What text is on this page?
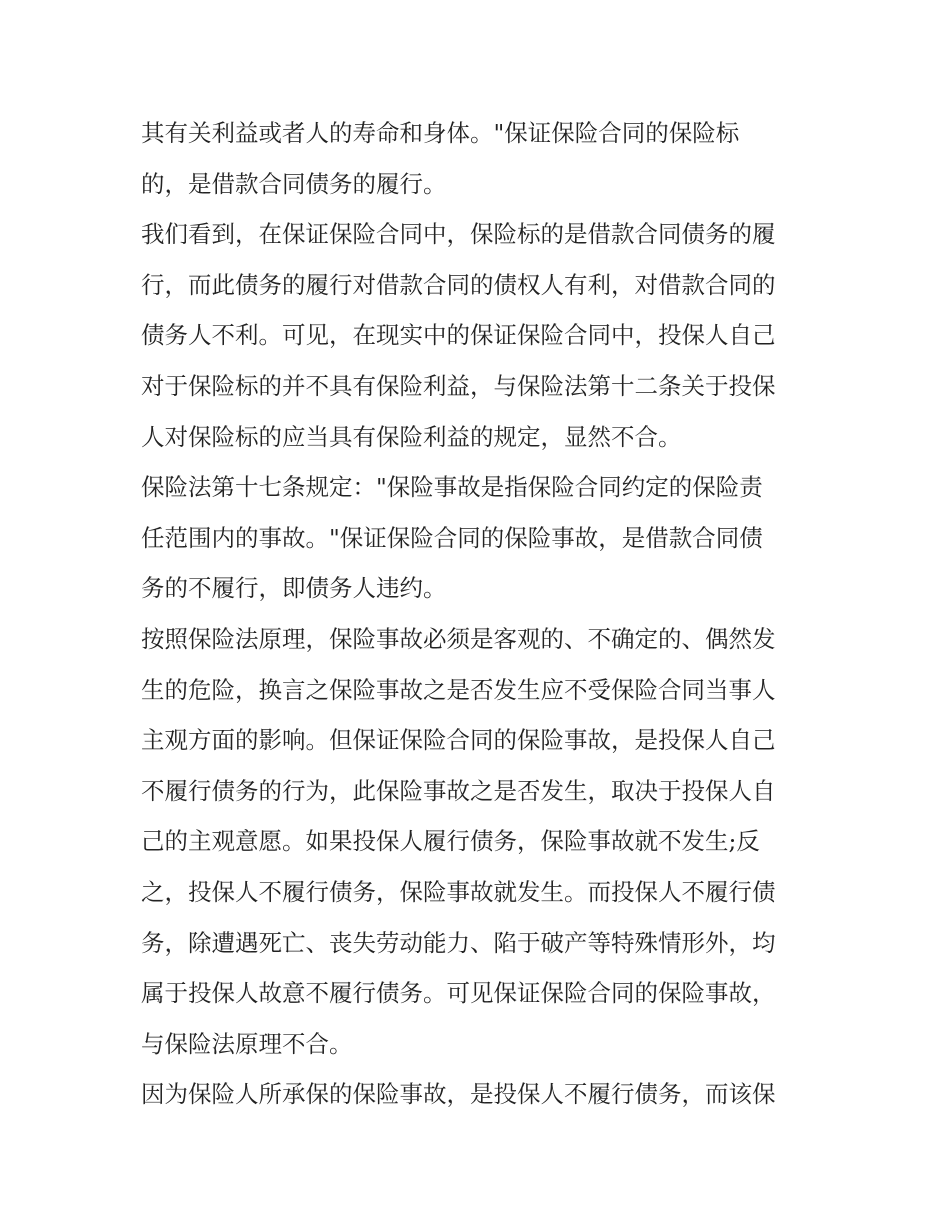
其有关利益或者人的寿命和身体。"保证保险合同的保险标
的，是借款合同债务的履行。
我们看到，在保证保险合同中，保险标的是借款合同债务的履
行，而此债务的履行对借款合同的债权人有利，对借款合同的
债务人不利。可见，在现实中的保证保险合同中，投保人自己
对于保险标的并不具有保险利益，与保险法第十二条关于投保
人对保险标的应当具有保险利益的规定，显然不合。
保险法第十七条规定："保险事故是指保险合同约定的保险责
任范围内的事故。"保证保险合同的保险事故，是借款合同债
务的不履行，即债务人违约。
按照保险法原理，保险事故必须是客观的、不确定的、偶然发
生的危险，换言之保险事故之是否发生应不受保险合同当事人
主观方面的影响。但保证保险合同的保险事故，是投保人自己
不履行债务的行为，此保险事故之是否发生，取决于投保人自
己的主观意愿。如果投保人履行债务，保险事故就不发生;反
之，投保人不履行债务，保险事故就发生。而投保人不履行债
务，除遭遇死亡、丧失劳动能力、陷于破产等特殊情形外，均
属于投保人故意不履行债务。可见保证保险合同的保险事故，
与保险法原理不合。
因为保险人所承保的保险事故，是投保人不履行债务，而该保
